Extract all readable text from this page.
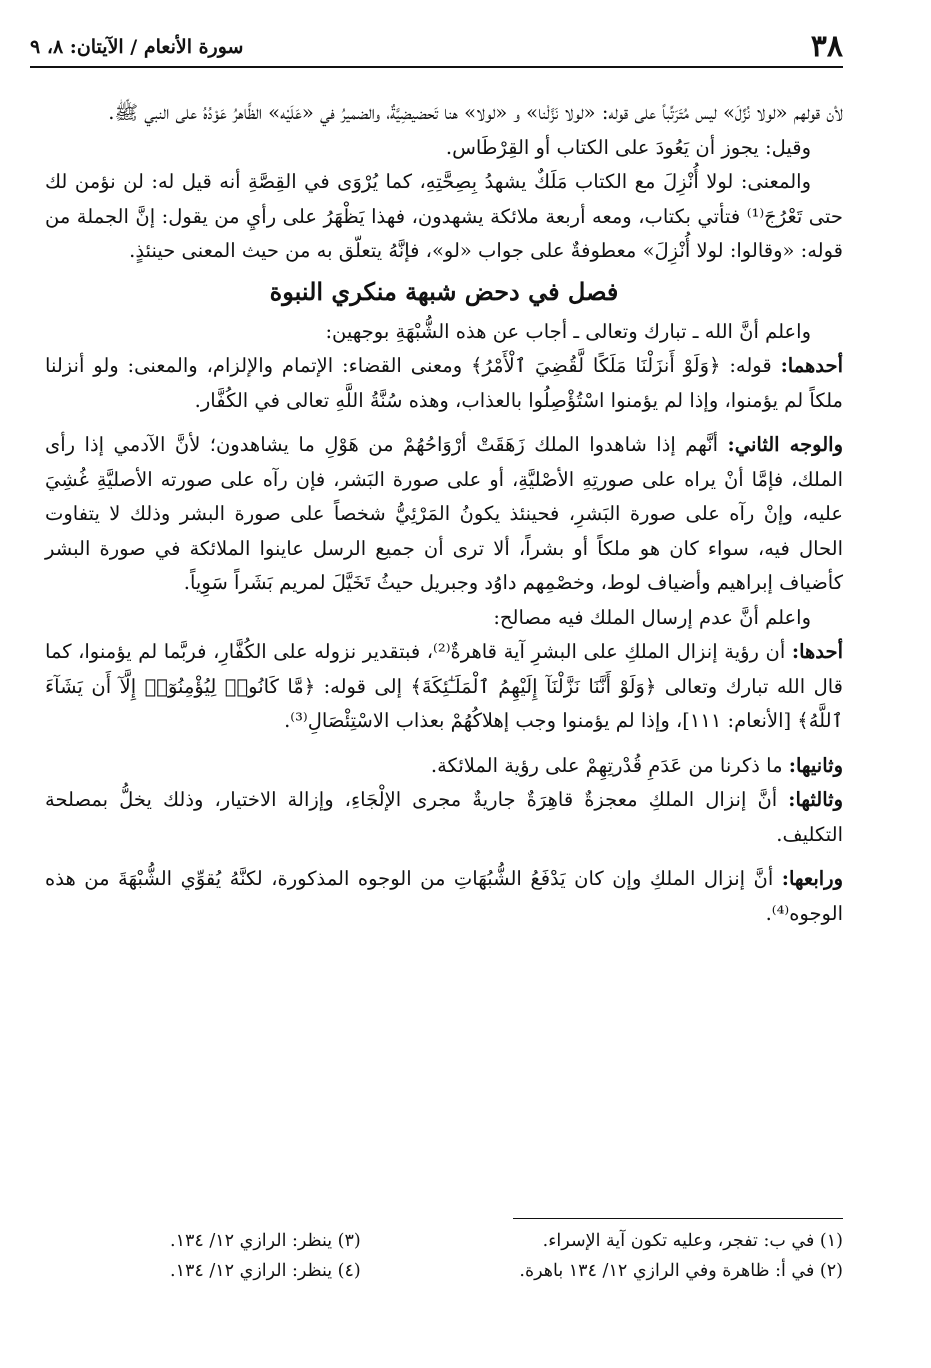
٣٨
سورة الأنعام / الآيتان: ٨، ٩

لأن قولهم «لولا نُزِّلَ» ليس مُتَرَتِّباً على قوله: «لولا نَزَّلْنا» و «لولا» هنا تَحضيضِيَّةٌ، والضميرُ في «عَلَيْه» الظَّاهرُ عَوْدُهُ على النبي ﷺ.

وقيل: يجوز أن يَعُودَ على الكتاب أو القِرْطَاس.

والمعنى: لولا أُنْزِلَ مع الكتاب مَلَكٌ يشهدُ بِصِحَّتِهِ، كما يُرْوَى في القِصَّةِ أنه قيل له: لن نؤمن لك حتى تَعْرُجَ⁽¹⁾ فتأتي بكتاب، ومعه أربعة ملائكة يشهدون، فهذا يَظْهَرُ على رأيِ من يقول: إنَّ الجملة من قوله: «وقالوا: لولا أُنْزِلَ» معطوفةٌ على جواب «لو»، فإنَّهُ يتعلّق به من حيث المعنى حينئذٍ.

فصل في دحض شبهة منكري النبوة

واعلم أنَّ الله ـ تبارك وتعالى ـ أجاب عن هذه الشُّبْهَةِ بوجهين:

أحدهما: قوله: ﴿وَلَوْ أَنزَلْنَا مَلَكًا لَّقُضِيَ ٱلْأَمْرُ﴾ ومعنى القضاء: الإتمام والإلزام، والمعنى: ولو أنزلنا ملكاً لم يؤمنوا، وإذا لم يؤمنوا اسْتُؤْصِلُوا بالعذاب، وهذه سُنَّةُ اللَّهِ تعالى في الكُفَّار.

والوجه الثاني: أنَّهم إذا شاهدوا الملك زَهَقَتْ أرْوَاحُهُمْ من هَوْلِ ما يشاهدون؛ لأنَّ الآدمي إذا رأى الملك، فإمَّا أنْ يراه على صورتِهِ الأصْليَّةِ، أو على صورة البَشر، فإن رآه على صورته الأصليَّةِ غُشِيَ عليه، وإنْ رآه على صورة البَشرِ، فحينئذ يكونُ المَرْئِيُّ شخصاً على صورة البشر وذلك لا يتفاوت الحال فيه، سواء كان هو ملكاً أو بشراً، ألا ترى أن جميع الرسل عاينوا الملائكة في صورة البشر كأضياف إبراهيم وأضياف لوط، وخصْمِهم داوُد وجبريل حيثُ تَخَيَّلَ لمريم بَشَراً سَوِياً.

واعلم أنَّ عدم إرسال الملك فيه مصالح:

أحدها: أن رؤية إنزال الملكِ على البشرِ آية قاهرةٌ⁽²⁾، فبتقدير نزوله على الكُفَّارِ، فربَّما لم يؤمنوا، كما قال الله تبارك وتعالى ﴿وَلَوْ أَنَّنَا نَزَّلْنَآ إِلَيْهِمُ ٱلْمَلَـٰٓئِكَةَ﴾ إلى قوله: ﴿مَّا كَانُوا۟ لِيُؤْمِنُوٓا۟ إِلَّآ أَن يَشَآءَ ٱللَّهُ﴾ [الأنعام: ١١١]، وإذا لم يؤمنوا وجب إهلاكُهُمْ بعذاب الاسْتِئْصَالِ⁽³⁾.

وثانيها: ما ذكرنا من عَدَمِ قُدْرتِهِمْ على رؤية الملائكة.

وثالثها: أنَّ إنزال الملكِ معجزةٌ قاهِرَةٌ جاريةٌ مجرى الإلْجَاءِ، وإزالة الاختيار، وذلك يخلُّ بمصلحة التكليف.

ورابعها: أنَّ إنزال الملكِ وإن كان يَدْفَعُ الشُّبُهَاتِ من الوجوه المذكورة، لكنَّهُ يُقوِّي الشُّبْهَةَ من هذه الوجوه⁽⁴⁾.

(١) في ب: تفجر، وعليه تكون آية الإسراء.
(٣) ينظر: الرازي ١٢/ ١٣٤.
(٢) في أ: ظاهرة وفي الرازي ١٢/ ١٣٤ باهرة.
(٤) ينظر: الرازي ١٢/ ١٣٤.
